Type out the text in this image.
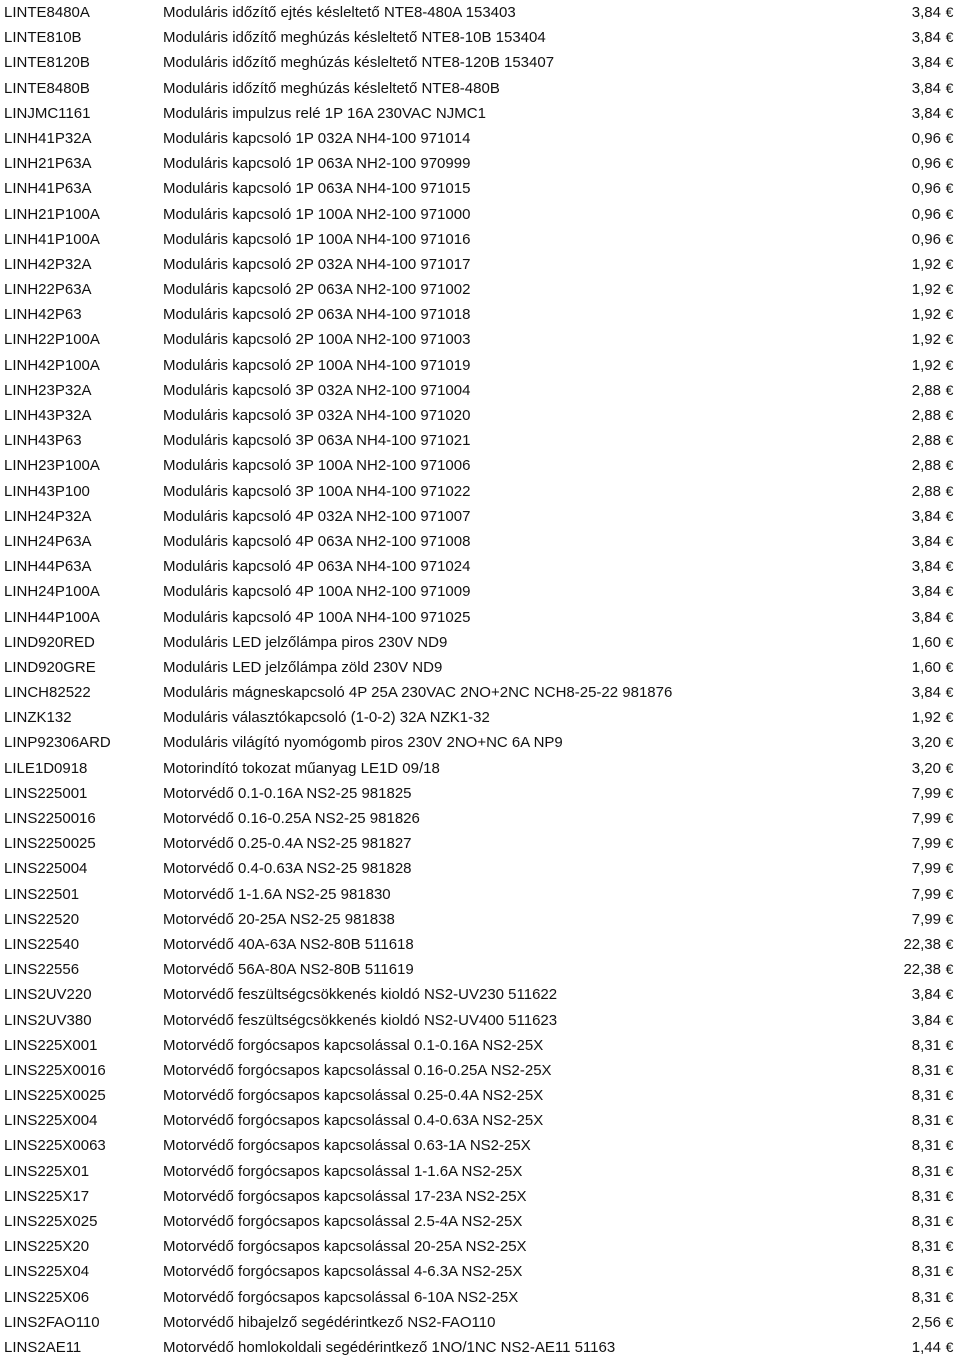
LINTE8480A	Moduláris időzítő ejtés késleltető NTE8-480A 153403	3,84 €
LINTE810B	Moduláris időzítő meghúzás késleltető NTE8-10B 153404	3,84 €
LINTE8120B	Moduláris időzítő meghúzás késleltető NTE8-120B 153407	3,84 €
LINTE8480B	Moduláris időzítő meghúzás késleltető NTE8-480B	3,84 €
LINJMC1161	Moduláris impulzus relé 1P 16A 230VAC NJMC1	3,84 €
LINH41P32A	Moduláris kapcsoló 1P 032A NH4-100 971014	0,96 €
LINH21P63A	Moduláris kapcsoló 1P 063A NH2-100 970999	0,96 €
LINH41P63A	Moduláris kapcsoló 1P 063A NH4-100 971015	0,96 €
LINH21P100A	Moduláris kapcsoló 1P 100A NH2-100 971000	0,96 €
LINH41P100A	Moduláris kapcsoló 1P 100A NH4-100 971016	0,96 €
LINH42P32A	Moduláris kapcsoló 2P 032A NH4-100 971017	1,92 €
LINH22P63A	Moduláris kapcsoló 2P 063A NH2-100 971002	1,92 €
LINH42P63	Moduláris kapcsoló 2P 063A NH4-100 971018	1,92 €
LINH22P100A	Moduláris kapcsoló 2P 100A NH2-100 971003	1,92 €
LINH42P100A	Moduláris kapcsoló 2P 100A NH4-100 971019	1,92 €
LINH23P32A	Moduláris kapcsoló 3P 032A NH2-100 971004	2,88 €
LINH43P32A	Moduláris kapcsoló 3P 032A NH4-100 971020	2,88 €
LINH43P63	Moduláris kapcsoló 3P 063A NH4-100 971021	2,88 €
LINH23P100A	Moduláris kapcsoló 3P 100A NH2-100 971006	2,88 €
LINH43P100	Moduláris kapcsoló 3P 100A NH4-100 971022	2,88 €
LINH24P32A	Moduláris kapcsoló 4P 032A NH2-100 971007	3,84 €
LINH24P63A	Moduláris kapcsoló 4P 063A NH2-100 971008	3,84 €
LINH44P63A	Moduláris kapcsoló 4P 063A NH4-100 971024	3,84 €
LINH24P100A	Moduláris kapcsoló 4P 100A NH2-100 971009	3,84 €
LINH44P100A	Moduláris kapcsoló 4P 100A NH4-100 971025	3,84 €
LIND920RED	Moduláris LED jelzőlámpa piros 230V ND9	1,60 €
LIND920GRE	Moduláris LED jelzőlámpa zöld 230V ND9	1,60 €
LINCH82522	Moduláris mágneskapcsoló 4P 25A 230VAC 2NO+2NC NCH8-25-22 981876	3,84 €
LINZK132	Moduláris választókapcsoló (1-0-2) 32A NZK1-32	1,92 €
LINP92306ARD	Moduláris világító nyomógomb piros 230V 2NO+NC 6A NP9	3,20 €
LILE1D0918	Motorindító tokozat műanyag LE1D 09/18	3,20 €
LINS225001	Motorvédő 0.1-0.16A NS2-25 981825	7,99 €
LINS2250016	Motorvédő 0.16-0.25A NS2-25 981826	7,99 €
LINS2250025	Motorvédő 0.25-0.4A NS2-25 981827	7,99 €
LINS225004	Motorvédő 0.4-0.63A NS2-25 981828	7,99 €
LINS22501	Motorvédő 1-1.6A NS2-25 981830	7,99 €
LINS22520	Motorvédő 20-25A NS2-25 981838	7,99 €
LINS22540	Motorvédő 40A-63A NS2-80B 511618	22,38 €
LINS22556	Motorvédő 56A-80A NS2-80B 511619	22,38 €
LINS2UV220	Motorvédő feszültségcsökkenés kioldó NS2-UV230 511622	3,84 €
LINS2UV380	Motorvédő feszültségcsökkenés kioldó NS2-UV400 511623	3,84 €
LINS225X001	Motorvédő forgócsapos kapcsolással 0.1-0.16A NS2-25X	8,31 €
LINS225X0016	Motorvédő forgócsapos kapcsolással 0.16-0.25A NS2-25X	8,31 €
LINS225X0025	Motorvédő forgócsapos kapcsolással 0.25-0.4A NS2-25X	8,31 €
LINS225X004	Motorvédő forgócsapos kapcsolással 0.4-0.63A NS2-25X	8,31 €
LINS225X0063	Motorvédő forgócsapos kapcsolással 0.63-1A NS2-25X	8,31 €
LINS225X01	Motorvédő forgócsapos kapcsolással 1-1.6A NS2-25X	8,31 €
LINS225X17	Motorvédő forgócsapos kapcsolással 17-23A NS2-25X	8,31 €
LINS225X025	Motorvédő forgócsapos kapcsolással 2.5-4A NS2-25X	8,31 €
LINS225X20	Motorvédő forgócsapos kapcsolással 20-25A NS2-25X	8,31 €
LINS225X04	Motorvédő forgócsapos kapcsolással 4-6.3A NS2-25X	8,31 €
LINS225X06	Motorvédő forgócsapos kapcsolással 6-10A NS2-25X	8,31 €
LINS2FAO110	Motorvédő hibajelző segédérintkező NS2-FAO110	2,56 €
LINS2AE11	Motorvédő homlokoldali segédérintkező 1NO/1NC NS2-AE11 51163	1,44 €
